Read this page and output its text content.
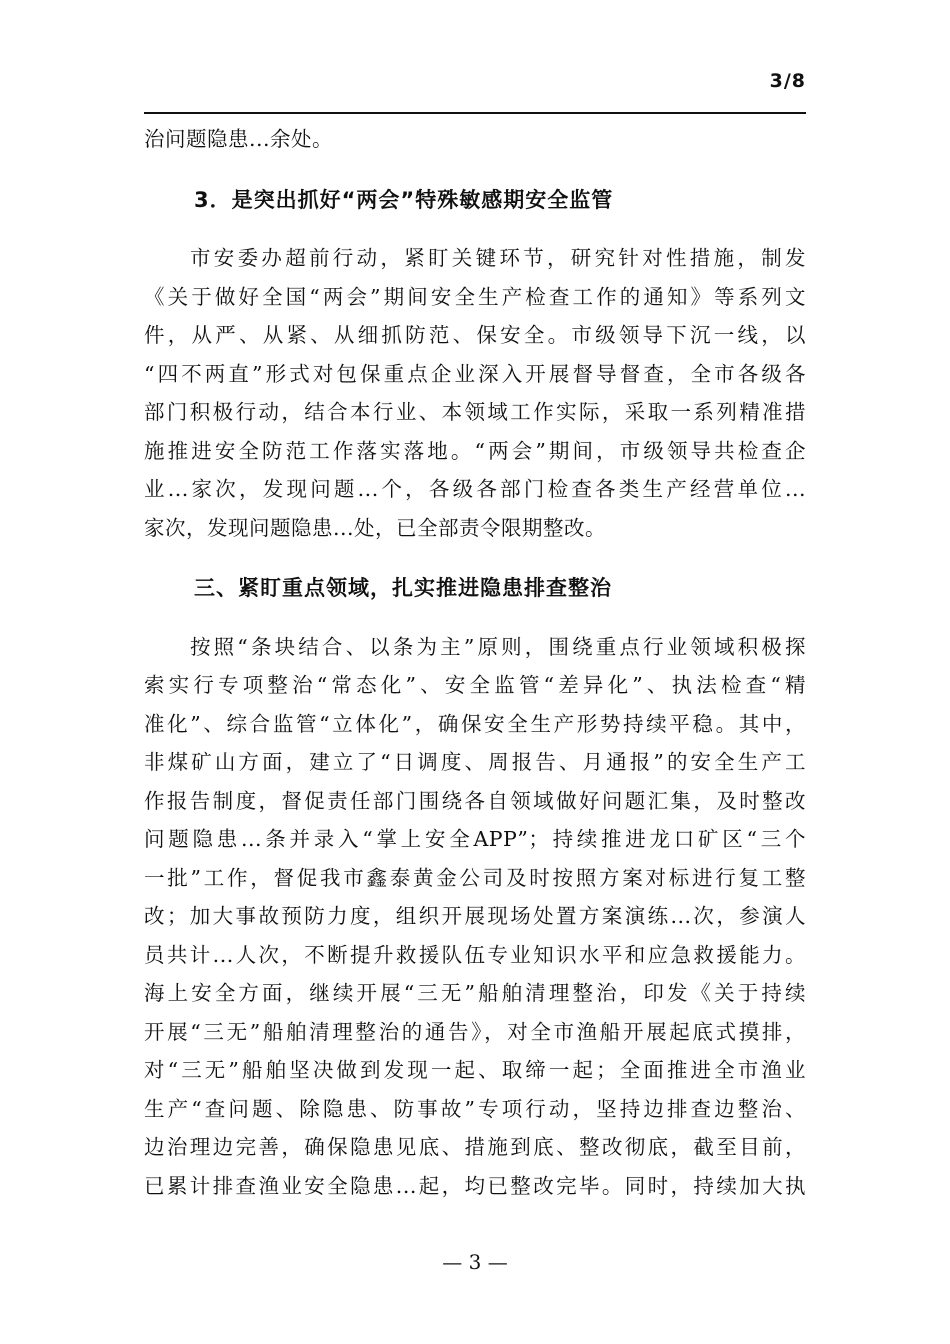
3/8
治问题隐患...余处。
3．是突出抓好“两会”特殊敏感期安全监管
市安委办超前行动，紧盯关键环节，研究针对性措施，制发
《关于做好全国“两会”期间安全生产检查工作的通知》等系列文
件，从严、从紧、从细抓防范、保安全。市级领导下沉一线，以
“四不两直”形式对包保重点企业深入开展督导督查，全市各级各
部门积极行动，结合本行业、本领域工作实际，采取一系列精准措
施推进安全防范工作落实落地。“两会”期间，市级领导共检查企
业...家次，发现问题...个，各级各部门检查各类生产经营单位...
家次，发现问题隐患...处，已全部责令限期整改。
三、紧盯重点领域，扎实推进隐患排查整治
按照“条块结合、以条为主”原则，围绕重点行业领域积极探
索实行专项整治“常态化”、安全监管“差异化”、执法检查“精
准化”、综合监管“立体化”，确保安全生产形势持续平稳。其中，
非煤矿山方面，建立了“日调度、周报告、月通报”的安全生产工
作报告制度，督促责任部门围绕各自领域做好问题汇集，及时整改
问题隐患...条并录入“掌上安全APP”；持续推进龙口矿区“三个
一批”工作，督促我市鑫泰黄金公司及时按照方案对标进行复工整
改；加大事故预防力度，组织开展现场处置方案演练...次，参演人
员共计...人次，不断提升救援队伍专业知识水平和应急救援能力。
海上安全方面，继续开展“三无”船舶清理整治，印发《关于持续
开展“三无”船舶清理整治的通告》，对全市渔船开展起底式摸排，
对“三无”船舶坚决做到发现一起、取缔一起；全面推进全市渔业
生产“查问题、除隐患、防事故”专项行动，坚持边排查边整治、
边治理边完善，确保隐患见底、措施到底、整改彻底，截至目前，
已累计排查渔业安全隐患...起，均已整改完毕。同时，持续加大执
— 3 —
